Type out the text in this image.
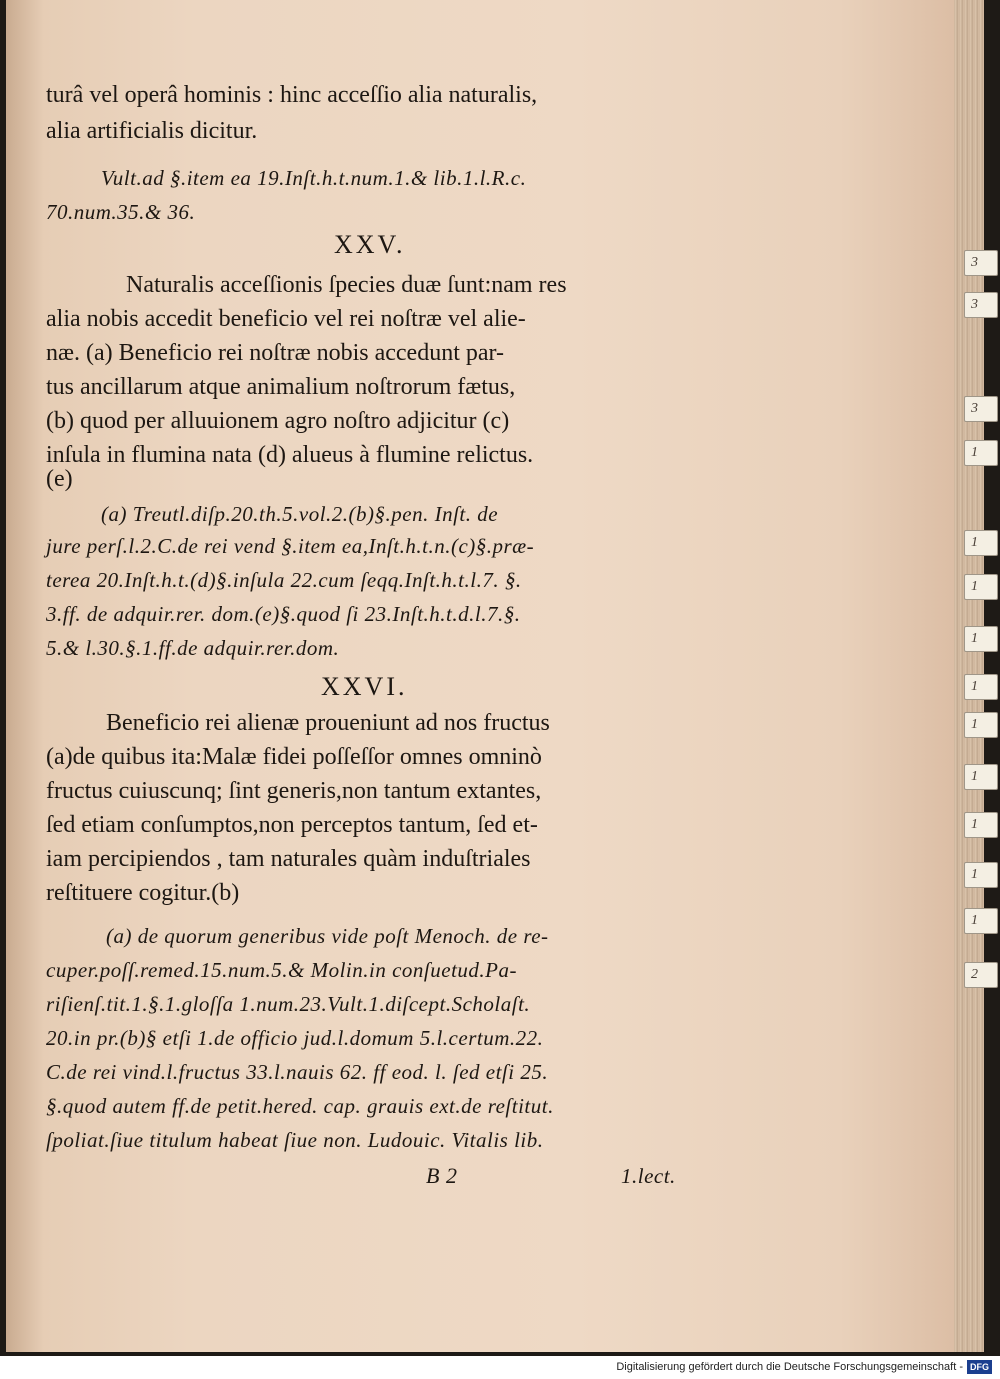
turâ vel operâ hominis : hinc acceſſio alia naturalis,
alia artificialis dicitur.
Vult.ad §.item ea 19.Inſt.h.t.num.1.& lib.1.l.R.c.
70.num.35.& 36.
XXV.
Naturalis acceſſionis ſpecies duæ ſunt:nam res
alia nobis accedit beneficio vel rei noſtræ vel alie-
næ. (a) Beneficio rei noſtræ nobis accedunt par-
tus ancillarum atque animalium noſtrorum fætus,
(b) quod per alluuionem agro noſtro adjicitur (c)
inſula in flumina nata (d) alueus à flumine relictus.
(e)
(a) Treutl.diſp.20.th.5.vol.2.(b)§.pen. Inſt. de
jure perſ.l.2.C.de rei vend §.item ea,Inſt.h.t.n.(c)§.præ-
terea 20.Inſt.h.t.(d)§.inſula 22.cum ſeqq.Inſt.h.t.l.7. §.
3.ff. de adquir.rer. dom.(e)§.quod ſi 23.Inſt.h.t.d.l.7.§.
5.& l.30.§.1.ff.de adquir.rer.dom.
XXVI.
Beneficio rei alienæ proueniunt ad nos fructus
(a)de quibus ita:Malæ fidei poſſeſſor omnes omninò
fructus cuiuscunq; ſint generis,non tantum extantes,
ſed etiam conſumptos,non perceptos tantum, ſed et-
iam percipiendos , tam naturales quàm induſtriales
reſtituere cogitur.(b)
(a) de quorum generibus vide poſt Menoch. de re-
cuper.poſſ.remed.15.num.5.& Molin.in conſuetud.Pa-
riſienſ.tit.1.§.1.gloſſa 1.num.23.Vult.1.diſcept.Scholaſt.
20.in pr.(b)§ etſi 1.de officio jud.l.domum 5.l.certum.22.
C.de rei vind.l.fructus 33.l.nauis 62. ff eod. l. ſed etſi 25.
§.quod autem ff.de petit.hered. cap. grauis ext.de reſtitut.
ſpoliat.ſiue titulum habeat ſiue non. Ludouic. Vitalis lib.
B 2	1.lect.
3
3
3
1
1
1
1
1
1
1
1
1
1
2
Digitalisierung gefördert durch die Deutsche Forschungsgemeinschaft - DFG
